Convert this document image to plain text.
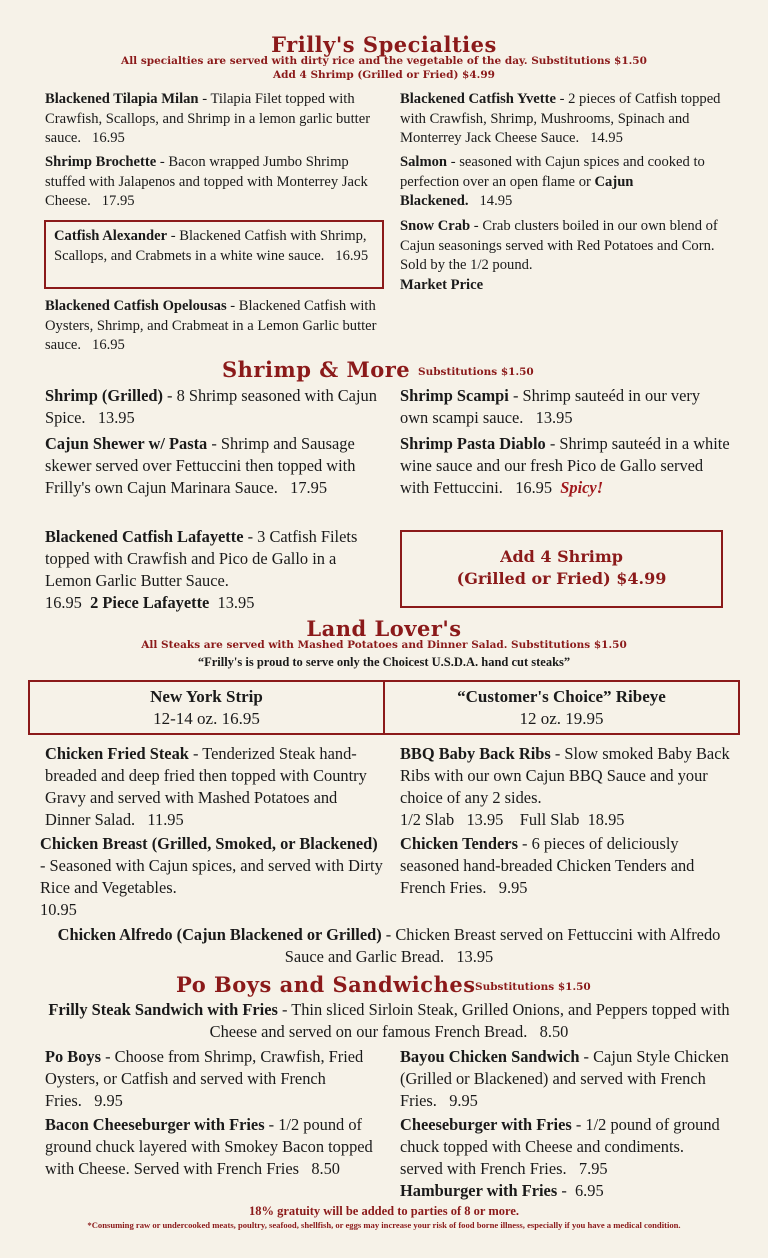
Frilly's Specialties
All specialties are served with dirty rice and the vegetable of the day. Substitutions $1.50
Add 4 Shrimp (Grilled or Fried) $4.99
Blackened Tilapia Milan - Tilapia Filet topped with Crawfish, Scallops, and Shrimp in a lemon garlic butter sauce. 16.95
Shrimp Brochette - Bacon wrapped Jumbo Shrimp stuffed with Jalapenos and topped with Monterrey Jack Cheese. 17.95
Catfish Alexander - Blackened Catfish with Shrimp, Scallops, and Crabmets in a white wine sauce. 16.95
Blackened Catfish Opelousas - Blackened Catfish with Oysters, Shrimp, and Crabmeat in a Lemon Garlic butter sauce. 16.95
Blackened Catfish Yvette - 2 pieces of Catfish topped with Crawfish, Shrimp, Mushrooms, Spinach and Monterrey Jack Cheese Sauce. 14.95
Salmon - seasoned with Cajun spices and cooked to perfection over an open flame or Cajun Blackened. 14.95
Snow Crab - Crab clusters boiled in our own blend of Cajun seasonings served with Red Potatoes and Corn. Sold by the 1/2 pound.
Market Price
Shrimp & More Substitutions $1.50
Shrimp (Grilled) - 8 Shrimp seasoned with Cajun Spice. 13.95
Cajun Shewer w/ Pasta - Shrimp and Sausage skewer served over Fettuccini then topped with Frilly's own Cajun Marinara Sauce. 17.95
Blackened Catfish Lafayette - 3 Catfish Filets topped with Crawfish and Pico de Gallo in a Lemon Garlic Butter Sauce.
16.95 2 Piece Lafayette 13.95
Shrimp Scampi - Shrimp sauteéd in our very own scampi sauce. 13.95
Shrimp Pasta Diablo - Shrimp sauteéd in a white wine sauce and our fresh Pico de Gallo served with Fettuccini. 16.95 Spicy!
Add 4 Shrimp
(Grilled or Fried) $4.99
Land Lover's
All Steaks are served with Mashed Potatoes and Dinner Salad. Substitutions $1.50
“Frilly's is proud to serve only the Choicest U.S.D.A. hand cut steaks”
New York Strip
12-14 oz. 16.95
“Customer's Choice” Ribeye
12 oz. 19.95
Chicken Fried Steak - Tenderized Steak hand-breaded and deep fried then topped with Country Gravy and served with Mashed Potatoes and Dinner Salad. 11.95
Chicken Breast (Grilled, Smoked, or Blackened) - Seasoned with Cajun spices, and served with Dirty Rice and Vegetables.
10.95
BBQ Baby Back Ribs - Slow smoked Baby Back Ribs with our own Cajun BBQ Sauce and your choice of any 2 sides.
1/2 Slab   13.95    Full Slab  18.95
Chicken Tenders - 6 pieces of deliciously seasoned hand-breaded Chicken Tenders and French Fries. 9.95
Chicken Alfredo (Cajun Blackened or Grilled) - Chicken Breast served on Fettuccini with Alfredo Sauce and Garlic Bread. 13.95
Po Boys and Sandwiches Substitutions $1.50
Frilly Steak Sandwich with Fries - Thin sliced Sirloin Steak, Grilled Onions, and Peppers topped with Cheese and served on our famous French Bread. 8.50
Po Boys - Choose from Shrimp, Crawfish, Fried Oysters, or Catfish and served with French Fries. 9.95
Bacon Cheeseburger with Fries - 1/2 pound of ground chuck layered with Smokey Bacon topped with Cheese. Served with French Fries 8.50
Bayou Chicken Sandwich - Cajun Style Chicken (Grilled or Blackened) and served with French Fries. 9.95
Cheeseburger with Fries - 1/2 pound of ground chuck topped with Cheese and condiments. served with French Fries. 7.95
Hamburger with Fries -  6.95
18% gratuity will be added to parties of 8 or more.
*Consuming raw or undercooked meats, poultry, seafood, shellfish, or eggs may increase your risk of food borne illness, especially if you have a medical condition.
